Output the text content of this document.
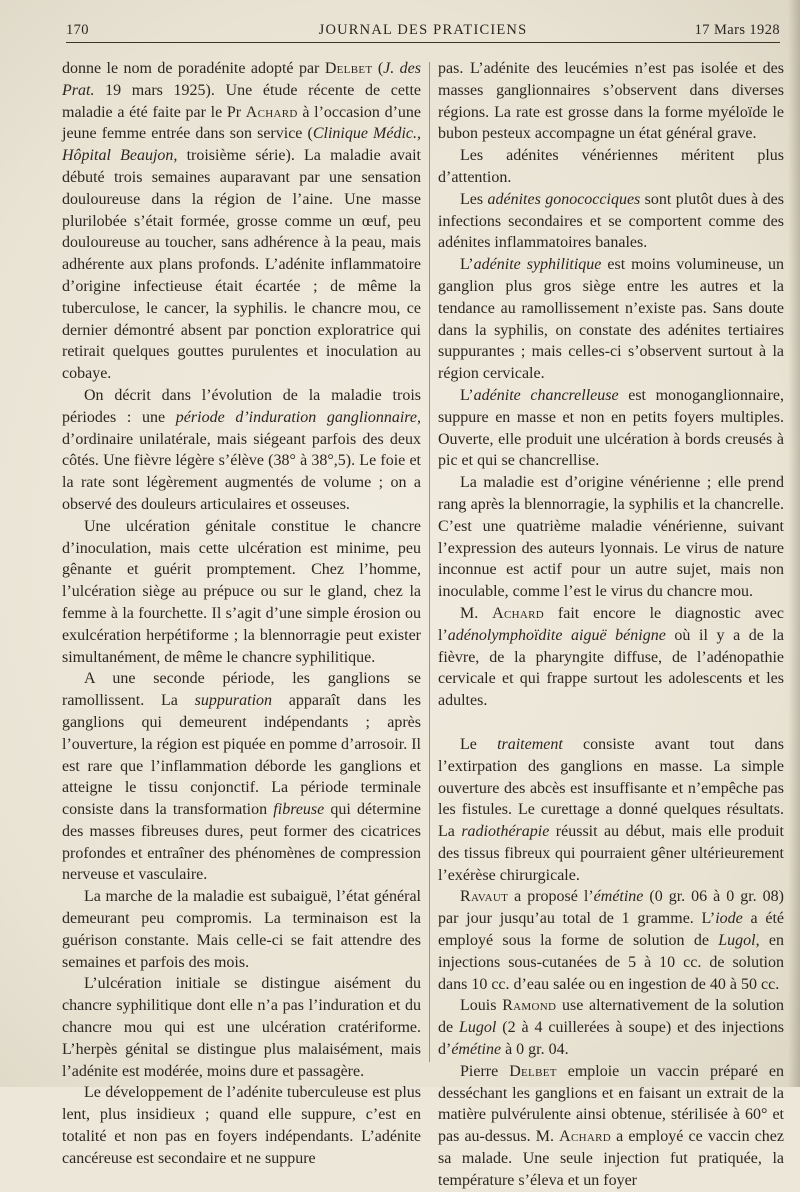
170	JOURNAL DES PRATICIENS	17 Mars 1928

donne le nom de poradénite adopté par Delbet (J. des Prat. 19 mars 1925). Une étude récente de cette maladie a été faite par le Pr Achard à l’occasion d’une jeune femme entrée dans son service (Clinique Médic., Hôpital Beaujon, troisième série). La maladie avait débuté trois semaines auparavant par une sensation douloureuse dans la région de l’aine. Une masse plurilobée s’était formée, grosse comme un œuf, peu douloureuse au toucher, sans adhérence à la peau, mais adhérente aux plans profonds. L’adénite inflammatoire d’origine infectieuse était écartée ; de même la tuberculose, le cancer, la syphilis. le chancre mou, ce dernier démontré absent par ponction exploratrice qui retirait quelques gouttes purulentes et inoculation au cobaye.

On décrit dans l’évolution de la maladie trois périodes : une période d’induration ganglionnaire, d’ordinaire unilatérale, mais siégeant parfois des deux côtés. Une fièvre légère s’élève (38° à 38°,5). Le foie et la rate sont légèrement augmentés de volume ; on a observé des douleurs articulaires et osseuses.

Une ulcération génitale constitue le chancre d’inoculation, mais cette ulcération est minime, peu gênante et guérit promptement. Chez l’homme, l’ulcération siège au prépuce ou sur le gland, chez la femme à la fourchette. Il s’agit d’une simple érosion ou exulcération herpétiforme ; la blennorragie peut exister simultanément, de même le chancre syphilitique.

A une seconde période, les ganglions se ramollissent. La suppuration apparaît dans les ganglions qui demeurent indépendants ; après l’ouverture, la région est piquée en pomme d’arrosoir. Il est rare que l’inflammation déborde les ganglions et atteigne le tissu conjonctif. La période terminale consiste dans la transformation fibreuse qui détermine des masses fibreuses dures, peut former des cicatrices profondes et entraîner des phénomènes de compression nerveuse et vasculaire.

La marche de la maladie est subaiguë, l’état général demeurant peu compromis. La terminaison est la guérison constante. Mais celle-ci se fait attendre des semaines et parfois des mois.

L’ulcération initiale se distingue aisément du chancre syphilitique dont elle n’a pas l’induration et du chancre mou qui est une ulcération cratériforme. L’herpès génital se distingue plus malaisément, mais l’adénite est modérée, moins dure et passagère.

Le développement de l’adénite tuberculeuse est plus lent, plus insidieux ; quand elle suppure, c’est en totalité et non pas en foyers indépendants. L’adénite cancéreuse est secondaire et ne suppure

pas. L’adénite des leucémies n’est pas isolée et des masses ganglionnaires s’observent dans diverses régions. La rate est grosse dans la forme myéloïde le bubon pesteux accompagne un état général grave.

Les adénites vénériennes méritent plus d’attention.

Les adénites gonococciques sont plutôt dues à des infections secondaires et se comportent comme des adénites inflammatoires banales.

L’adénite syphilitique est moins volumineuse, un ganglion plus gros siège entre les autres et la tendance au ramollissement n’existe pas. Sans doute dans la syphilis, on constate des adénites tertiaires suppurantes ; mais celles-ci s’observent surtout à la région cervicale.

L’adénite chancrelleuse est monoganglionnaire, suppure en masse et non en petits foyers multiples. Ouverte, elle produit une ulcération à bords creusés à pic et qui se chancrellise.

La maladie est d’origine vénérienne ; elle prend rang après la blennorragie, la syphilis et la chancrelle. C’est une quatrième maladie vénérienne, suivant l’expression des auteurs lyonnais. Le virus de nature inconnue est actif pour un autre sujet, mais non inoculable, comme l’est le virus du chancre mou.

M. Achard fait encore le diagnostic avec l’adénolymphoïdite aiguë bénigne où il y a de la fièvre, de la pharyngite diffuse, de l’adénopathie cervicale et qui frappe surtout les adolescents et les adultes.

Le traitement consiste avant tout dans l’extirpation des ganglions en masse. La simple ouverture des abcès est insuffisante et n’empêche pas les fistules. Le curettage a donné quelques résultats. La radiothérapie réussit au début, mais elle produit des tissus fibreux qui pourraient gêner ultérieurement l’exérèse chirurgicale.

Ravaut a proposé l’émétine (0 gr. 06 à 0 gr. 08) par jour jusqu’au total de 1 gramme. L’iode a été employé sous la forme de solution de Lugol, en injections sous-cutanées de 5 à 10 cc. de solution dans 10 cc. d’eau salée ou en ingestion de 40 à 50 cc.

Louis Ramond use alternativement de la solution de Lugol (2 à 4 cuillerées à soupe) et des injections d’émétine à 0 gr. 04.

Pierre Delbet emploie un vaccin préparé en desséchant les ganglions et en faisant un extrait de la matière pulvérulente ainsi obtenue, stérilisée à 60° et pas au-dessus. M. Achard a employé ce vaccin chez sa malade. Une seule injection fut pratiquée, la température s’éleva et un foyer
